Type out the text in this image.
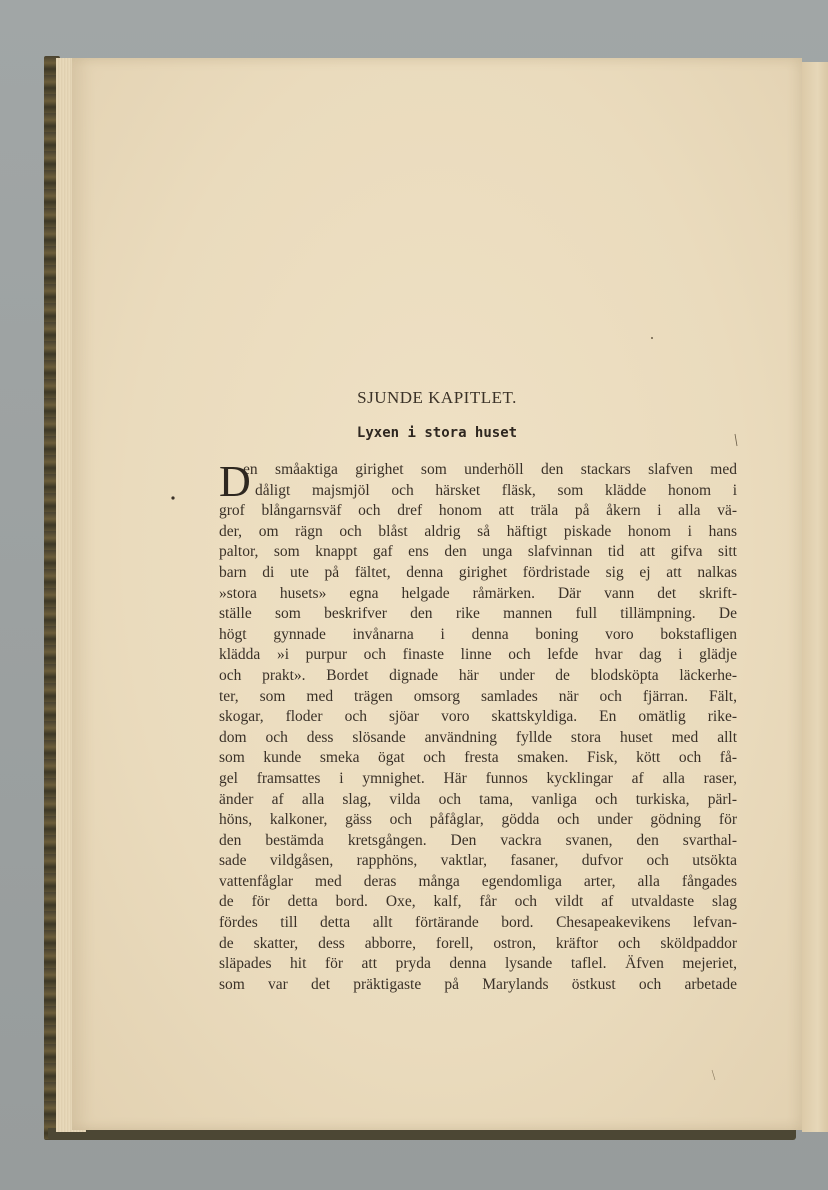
SJUNDE KAPITLET.
Lyxen i stora huset
D
en småaktiga girighet som underhöll den stackars slafven med
dåligt majsmjöl och härsket fläsk, som klädde honom i
grof blångarnsväf och dref honom att träla på åkern i alla vä-
der, om rägn och blåst aldrig så häftigt piskade honom i hans
paltor, som knappt gaf ens den unga slafvinnan tid att gifva sitt
barn di ute på fältet, denna girighet fördristade sig ej att nalkas
»stora husets» egna helgade råmärken. Där vann det skrift-
ställe som beskrifver den rike mannen full tillämpning. De
högt gynnade invånarna i denna boning voro bokstafligen
klädda »i purpur och finaste linne och lefde hvar dag i glädje
och prakt». Bordet dignade här under de blodsköpta läckerhe-
ter, som med trägen omsorg samlades när och fjärran. Fält,
skogar, floder och sjöar voro skattskyldiga. En omätlig rike-
dom och dess slösande användning fyllde stora huset med allt
som kunde smeka ögat och fresta smaken. Fisk, kött och få-
gel framsattes i ymnighet. Här funnos kycklingar af alla raser,
änder af alla slag, vilda och tama, vanliga och turkiska, pärl-
höns, kalkoner, gäss och påfåglar, gödda och under gödning för
den bestämda kretsgången. Den vackra svanen, den svarthal-
sade vildgåsen, rapphöns, vaktlar, fasaner, dufvor och utsökta
vattenfåglar med deras många egendomliga arter, alla fångades
de för detta bord. Oxe, kalf, får och vildt af utvaldaste slag
fördes till detta allt förtärande bord. Chesapeakevikens lefvan-
de skatter, dess abborre, forell, ostron, kräftor och sköldpaddor
släpades hit för att pryda denna lysande taflel. Äfven mejeriet,
som var det präktigaste på Marylands östkust och arbetade
